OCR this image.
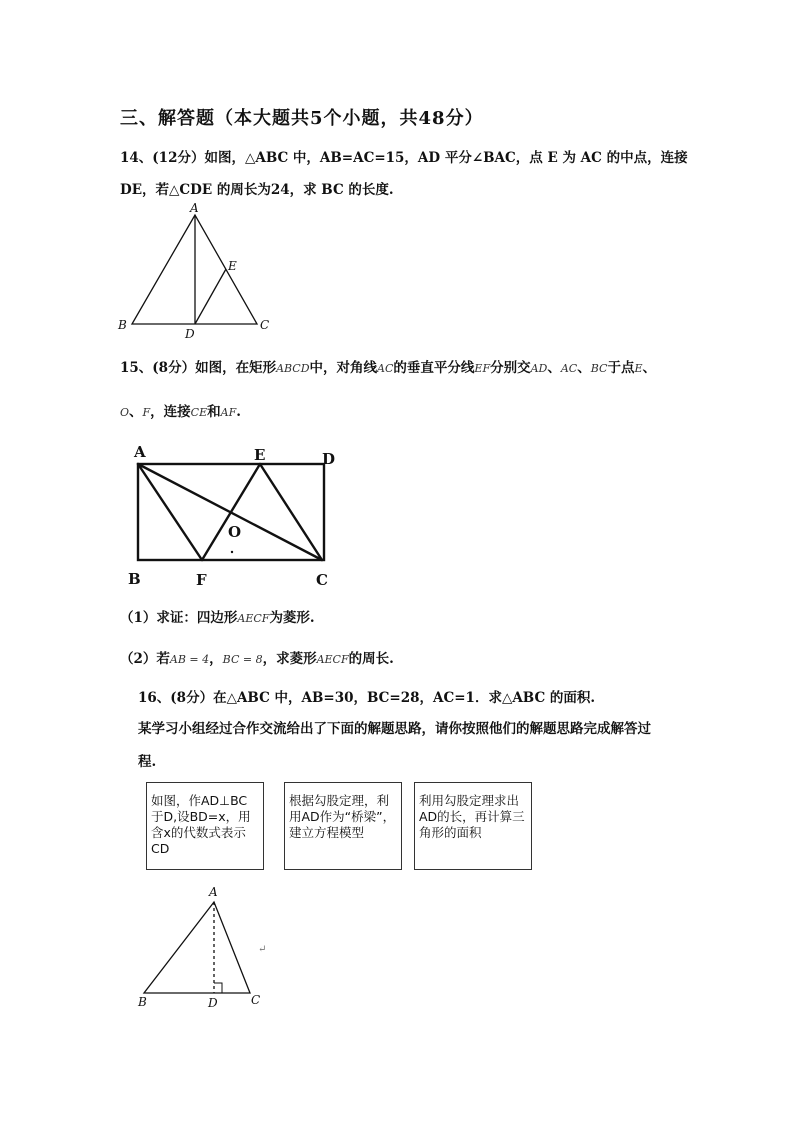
三、解答题（本大题共5个小题，共48分）
14、(12分）如图，△ABC 中，AB=AC=15，AD 平分∠BAC，点 E 为 AC 的中点，连接
DE，若△CDE 的周长为24，求 BC 的长度.
A
B	C
D
E
15、(8分）如图，在矩形ABCD中，对角线AC的垂直平分线EF分别交AD、AC、BC于点E、
O、F，连接CE和AF.
A	E	D
O
B	F	C
（1）求证：四边形AECF为菱形.
（2）若AB = 4，BC = 8，求菱形AECF的周长.
16、(8分）在△ABC 中，AB=30，BC=28，AC=1．求△ABC 的面积.
某学习小组经过合作交流给出了下面的解题思路，请你按照他们的解题思路完成解答过
程.
如图，作AD⊥BC于D,设BD=x，用含x的代数式表示CD
根据勾股定理，利用AD作为“桥梁”，建立方程模型
利用勾股定理求出AD的长，再计算三角形的面积
A
B	D	C
↵
